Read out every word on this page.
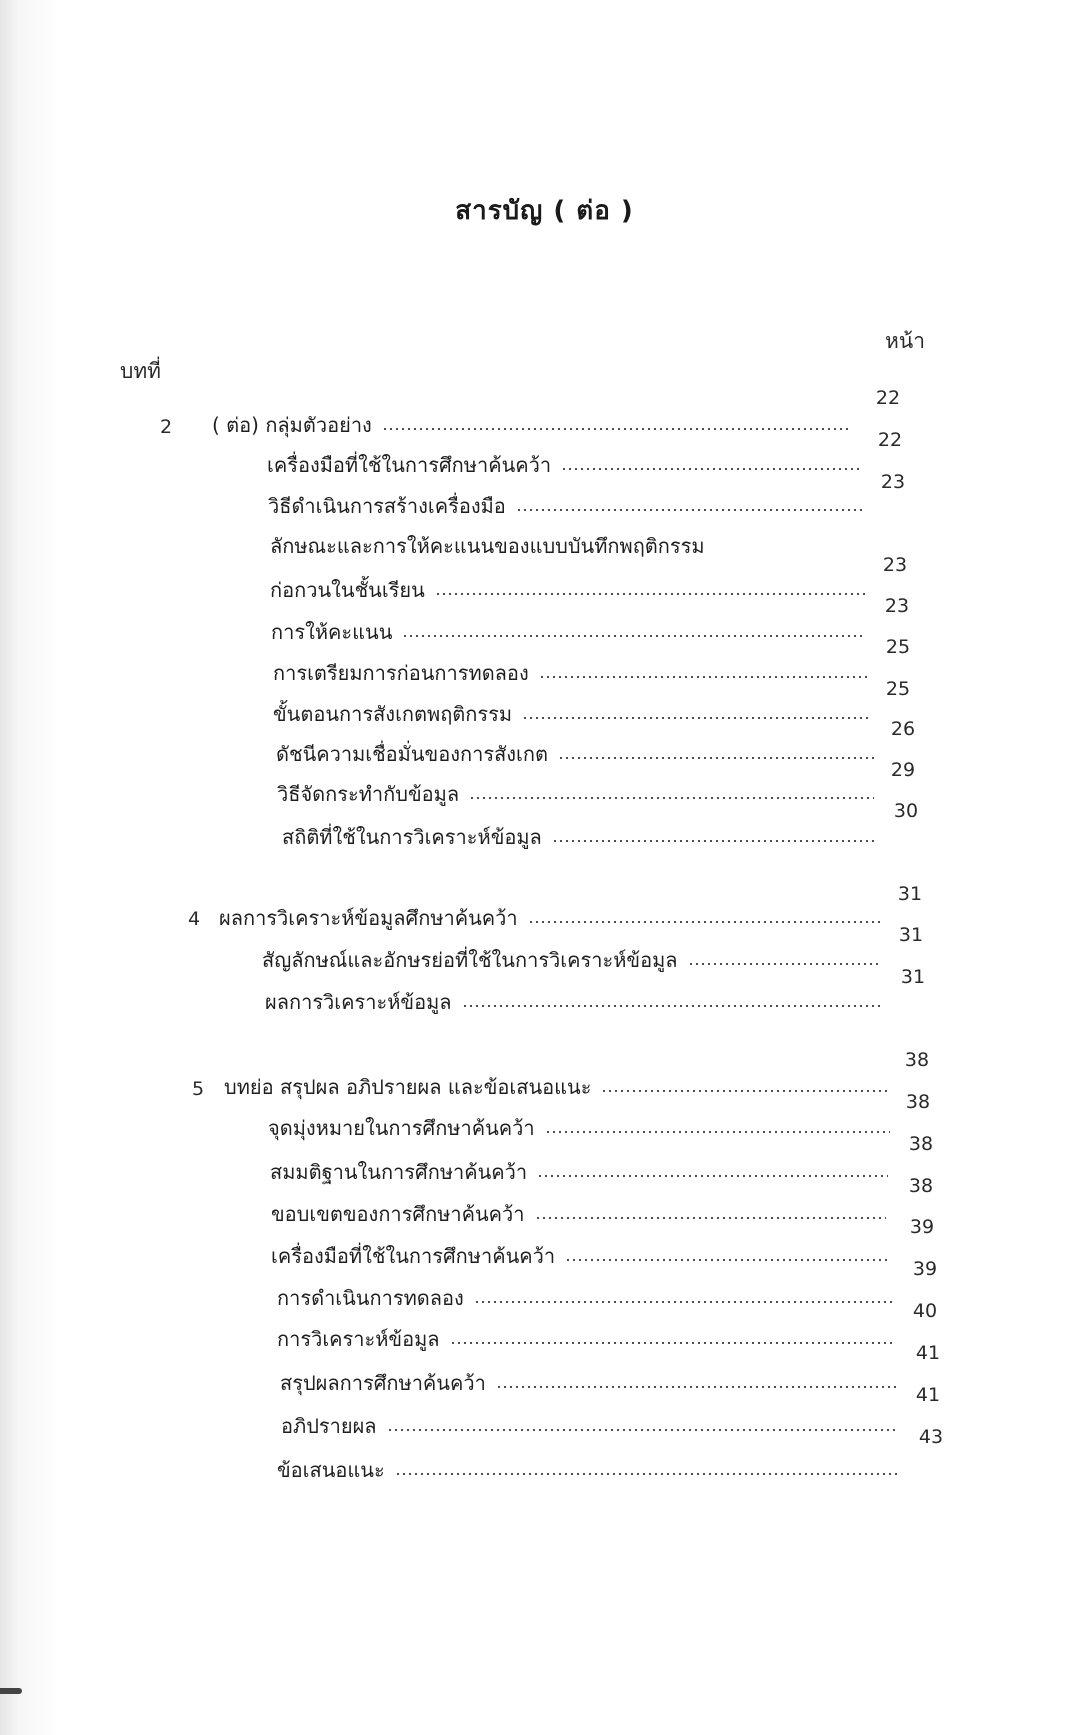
สารบัญ ( ต่อ )
หน้า
บทที่
2 ( ต่อ) กลุ่มตัวอย่าง
22
เครื่องมือที่ใช้ในการศึกษาค้นคว้า
22
วิธีดำเนินการสร้างเครื่องมือ
23
ลักษณะและการให้คะแนนของแบบบันทึกพฤติกรรม
ก่อกวนในชั้นเรียน
23
การให้คะแนน
23
การเตรียมการก่อนการทดลอง
25
ขั้นตอนการสังเกตพฤติกรรม
25
ดัชนีความเชื่อมั่นของการสังเกต
26
วิธีจัดกระทำกับข้อมูล
29
สถิติที่ใช้ในการวิเคราะห์ข้อมูล
30
4 ผลการวิเคราะห์ข้อมูลศึกษาค้นคว้า
31
สัญลักษณ์และอักษรย่อที่ใช้ในการวิเคราะห์ข้อมูล
31
ผลการวิเคราะห์ข้อมูล
31
5 บทย่อ สรุปผล อภิปรายผล และข้อเสนอแนะ
38
จุดมุ่งหมายในการศึกษาค้นคว้า
38
สมมติฐานในการศึกษาค้นคว้า
38
ขอบเขตของการศึกษาค้นคว้า
38
เครื่องมือที่ใช้ในการศึกษาค้นคว้า
39
การดำเนินการทดลอง
39
การวิเคราะห์ข้อมูล
40
สรุปผลการศึกษาค้นคว้า
41
อภิปรายผล
41
ข้อเสนอแนะ
43
